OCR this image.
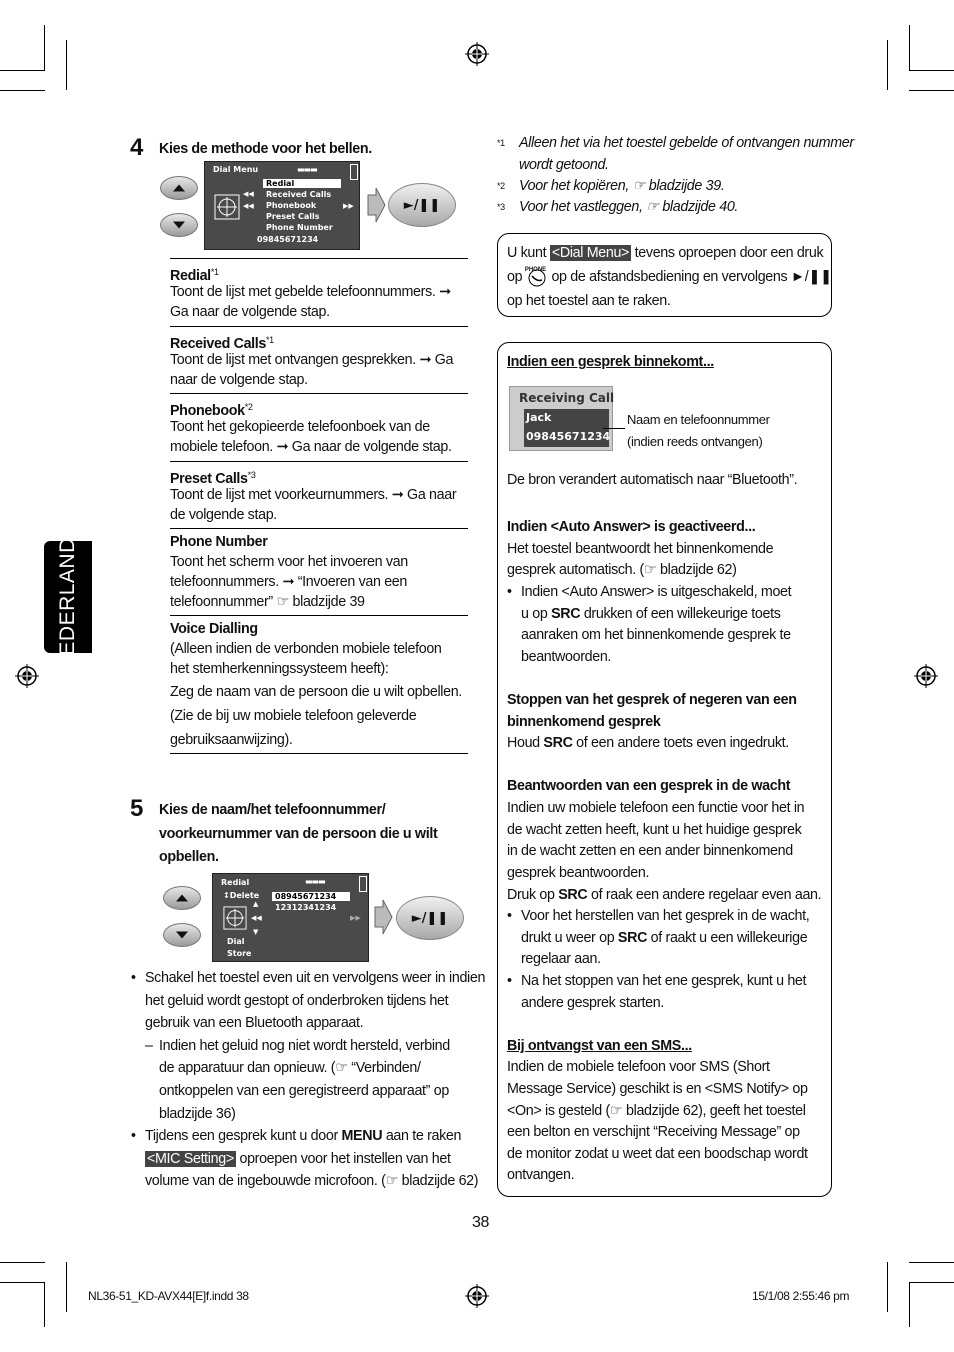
NEDERLANDS
4 Kies de methode voor het bellen.
Dial Menu	▬▬▬
◀◀
◀◀	▶▶
Redial
Received Calls
Phonebook
Preset Calls
Phone Number
09845671234
►/❚❚
Redial$^{*1}$
Toont de lijst met gebelde telefoonnummers. ➞
Ga naar de volgende stap.
Received Calls$^{*1}$
Toont de lijst met ontvangen gesprekken. ➞ Ga
naar de volgende stap.
Phonebook$^{*2}$
Toont het gekopieerde telefoonboek van de
mobiele telefoon. ➞ Ga naar de volgende stap.
Preset Calls$^{*3}$
Toont de lijst met voorkeurnummers. ➞ Ga naar
de volgende stap.
Phone Number
Toont het scherm voor het invoeren van
telefoonnummers. ➞ “Invoeren van een
telefoonnummer” ☞ bladzijde 39
Voice Dialling
(Alleen indien de verbonden mobiele telefoon
het stemherkenningssysteem heeft):
Zeg de naam van de persoon die u wilt opbellen.
(Zie de bij uw mobiele telefoon geleverde
gebruiksaanwijzing).
5 Kies de naam/het telefoonnummer/
voorkeurnummer van de persoon die u wilt
opbellen.
Redial	▬▬▬
↕Delete
▲
◀◀
▼
▶▶
08945671234
12312341234
Dial
Store
►/❚❚
• Schakel het toestel even uit en vervolgens weer in indien
het geluid wordt gestopt of onderbroken tijdens het
gebruik van een Bluetooth apparaat.
– Indien het geluid nog niet wordt hersteld, verbind
de apparatuur dan opnieuw. (☞ “Verbinden/
ontkoppelen van een geregistreerd apparaat” op
bladzijde 36)
• Tijdens een gesprek kunt u door MENU aan te raken
<MIC Setting> oproepen voor het instellen van het
volume van de ingebouwde microfoon. (☞ bladzijde 62)
*1 Alleen het via het toestel gebelde of ontvangen nummer
wordt getoond.
*2 Voor het kopiëren, ☞ bladzijde 39.
*3 Voor het vastleggen, ☞ bladzijde 40.
U kunt <Dial Menu> tevens oproepen door een druk
op PHONE op de afstandsbediening en vervolgens ►/❚❚
op het toestel aan te raken.
Indien een gesprek binnekomt...
Receiving Call
Jack
09845671234
Naam en telefoonnummer
(indien reeds ontvangen)
De bron verandert automatisch naar “Bluetooth”.
Indien <Auto Answer> is geactiveerd...
Het toestel beantwoordt het binnenkomende
gesprek automatisch. (☞ bladzijde 62)
• Indien <Auto Answer> is uitgeschakeld, moet
u op SRC drukken of een willekeurige toets
aanraken om het binnenkomende gesprek te
beantwoorden.
Stoppen van het gesprek of negeren van een
binnenkomend gesprek
Houd SRC of een andere toets even ingedrukt.
Beantwoorden van een gesprek in de wacht
Indien uw mobiele telefoon een functie voor het in
de wacht zetten heeft, kunt u het huidige gesprek
in de wacht zetten en een ander binnenkomend
gesprek beantwoorden.
Druk op SRC of raak een andere regelaar even aan.
• Voor het herstellen van het gesprek in de wacht,
drukt u weer op SRC of raakt u een willekeurige
regelaar aan.
• Na het stoppen van het ene gesprek, kunt u het
andere gesprek starten.
Bij ontvangst van een SMS...
Indien de mobiele telefoon voor SMS (Short
Message Service) geschikt is en <SMS Notify> op
<On> is gesteld (☞ bladzijde 62), geeft het toestel
een belton en verschijnt “Receiving Message” op
de monitor zodat u weet dat een boodschap wordt
ontvangen.
38
NL36-51_KD-AVX44[E]f.indd 38	15/1/08 2:55:46 pm
